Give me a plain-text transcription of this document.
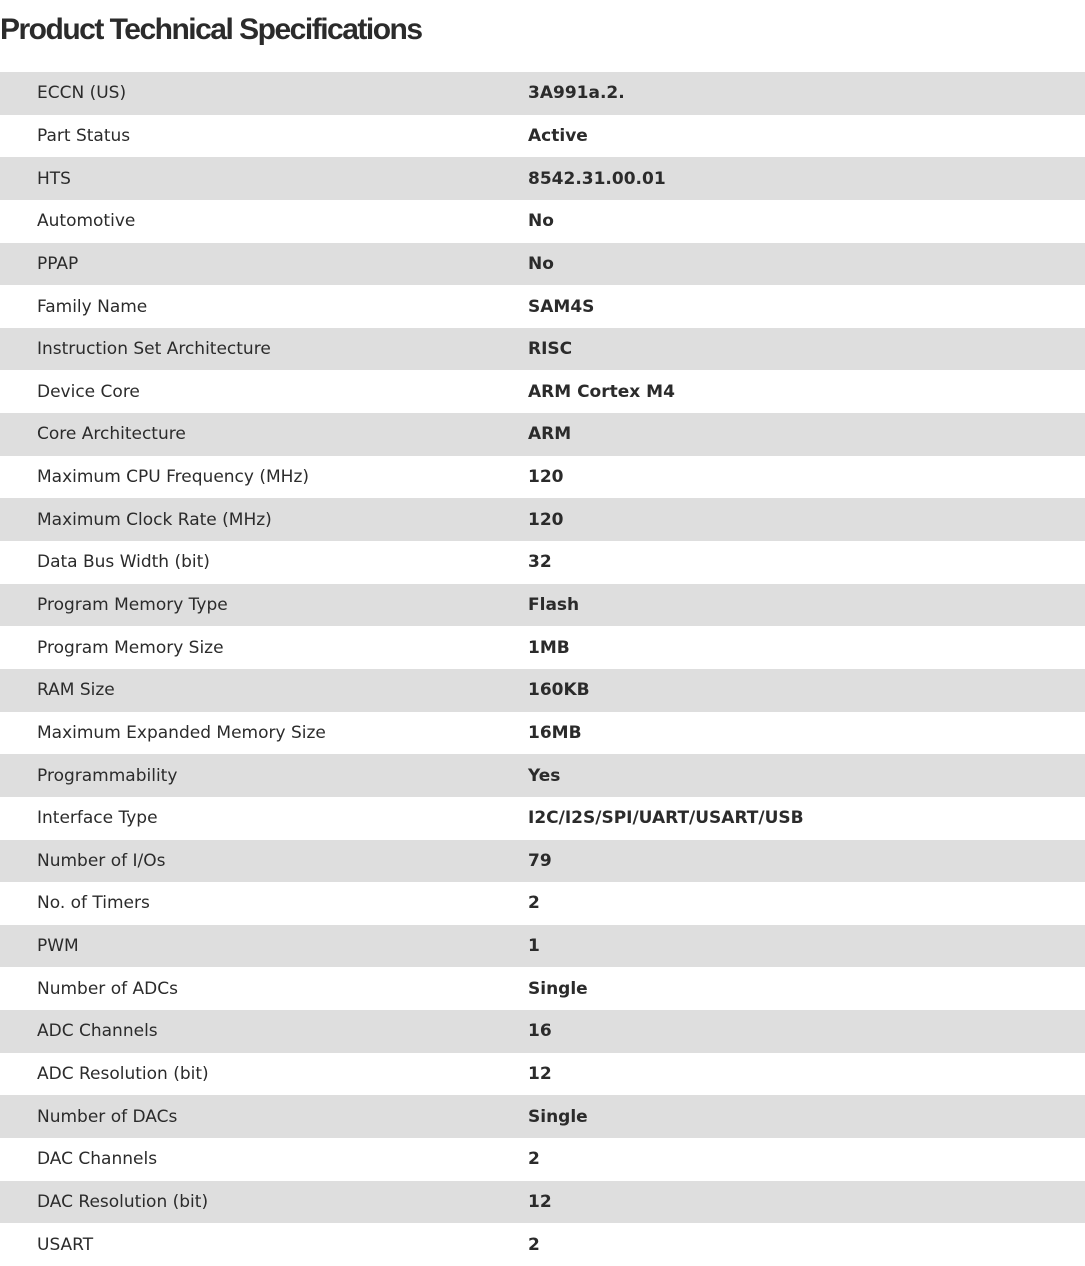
Product Technical Specifications
ECCN (US)	3A991a.2.
Part Status	Active
HTS	8542.31.00.01
Automotive	No
PPAP	No
Family Name	SAM4S
Instruction Set Architecture	RISC
Device Core	ARM Cortex M4
Core Architecture	ARM
Maximum CPU Frequency (MHz)	120
Maximum Clock Rate (MHz)	120
Data Bus Width (bit)	32
Program Memory Type	Flash
Program Memory Size	1MB
RAM Size	160KB
Maximum Expanded Memory Size	16MB
Programmability	Yes
Interface Type	I2C/I2S/SPI/UART/USART/USB
Number of I/Os	79
No. of Timers	2
PWM	1
Number of ADCs	Single
ADC Channels	16
ADC Resolution (bit)	12
Number of DACs	Single
DAC Channels	2
DAC Resolution (bit)	12
USART	2
